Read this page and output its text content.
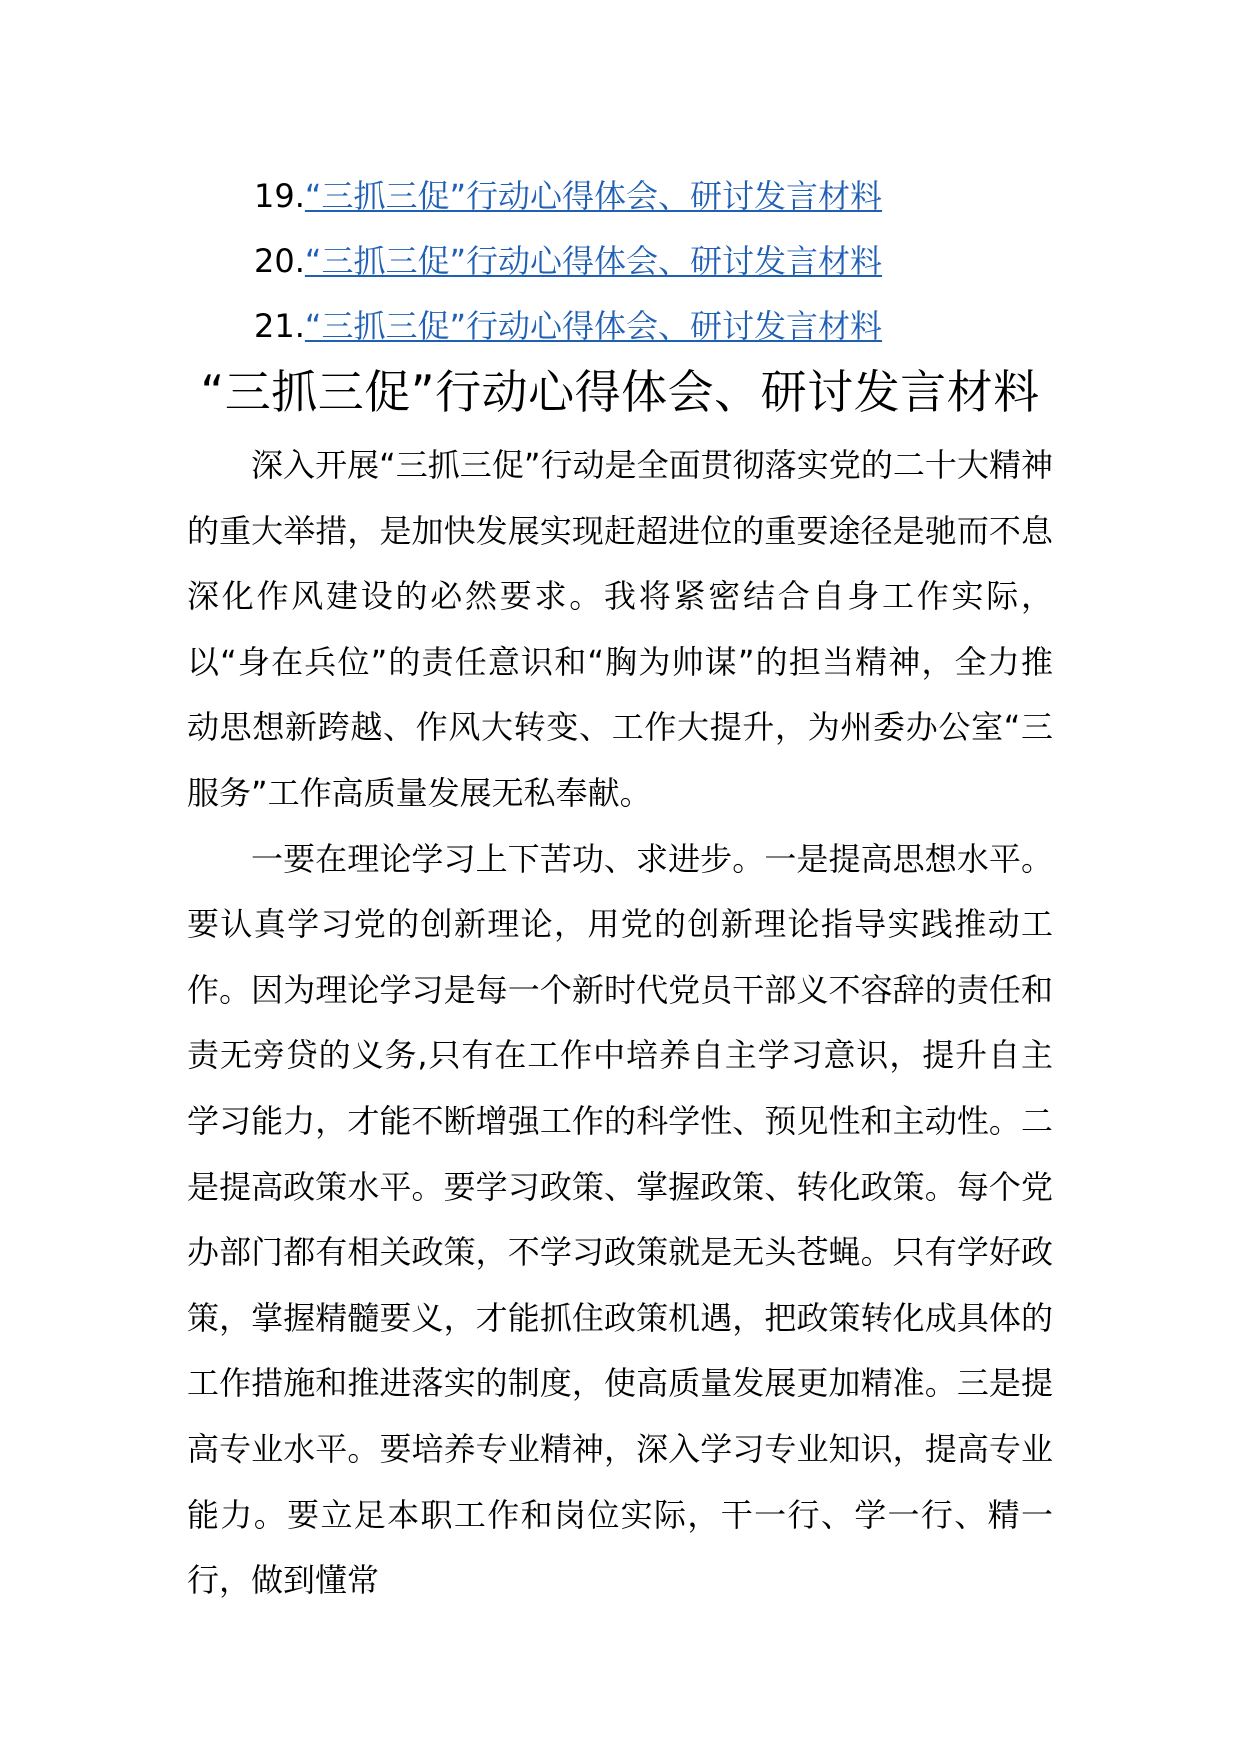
19.“三抓三促”行动心得体会、研讨发言材料
20.“三抓三促”行动心得体会、研讨发言材料
21.“三抓三促”行动心得体会、研讨发言材料
“三抓三促”行动心得体会、研讨发言材料

深入开展“三抓三促”行动是全面贯彻落实党的二十大精神的重大举措，是加快发展实现赶超进位的重要途径是驰而不息深化作风建设的必然要求。我将紧密结合自身工作实际，以“身在兵位”的责任意识和“胸为帅谋”的担当精神，全力推动思想新跨越、作风大转变、工作大提升，为州委办公室“三服务”工作高质量发展无私奉献。

一要在理论学习上下苦功、求进步。一是提高思想水平。要认真学习党的创新理论，用党的创新理论指导实践推动工作。因为理论学习是每一个新时代党员干部义不容辞的责任和责无旁贷的义务,只有在工作中培养自主学习意识，提升自主学习能力，才能不断增强工作的科学性、预见性和主动性。二是提高政策水平。要学习政策、掌握政策、转化政策。每个党办部门都有相关政策，不学习政策就是无头苍蝇。只有学好政策，掌握精髓要义，才能抓住政策机遇，把政策转化成具体的工作措施和推进落实的制度，使高质量发展更加精准。三是提高专业水平。要培养专业精神，深入学习专业知识，提高专业能力。要立足本职工作和岗位实际，干一行、学一行、精一行，做到懂常
